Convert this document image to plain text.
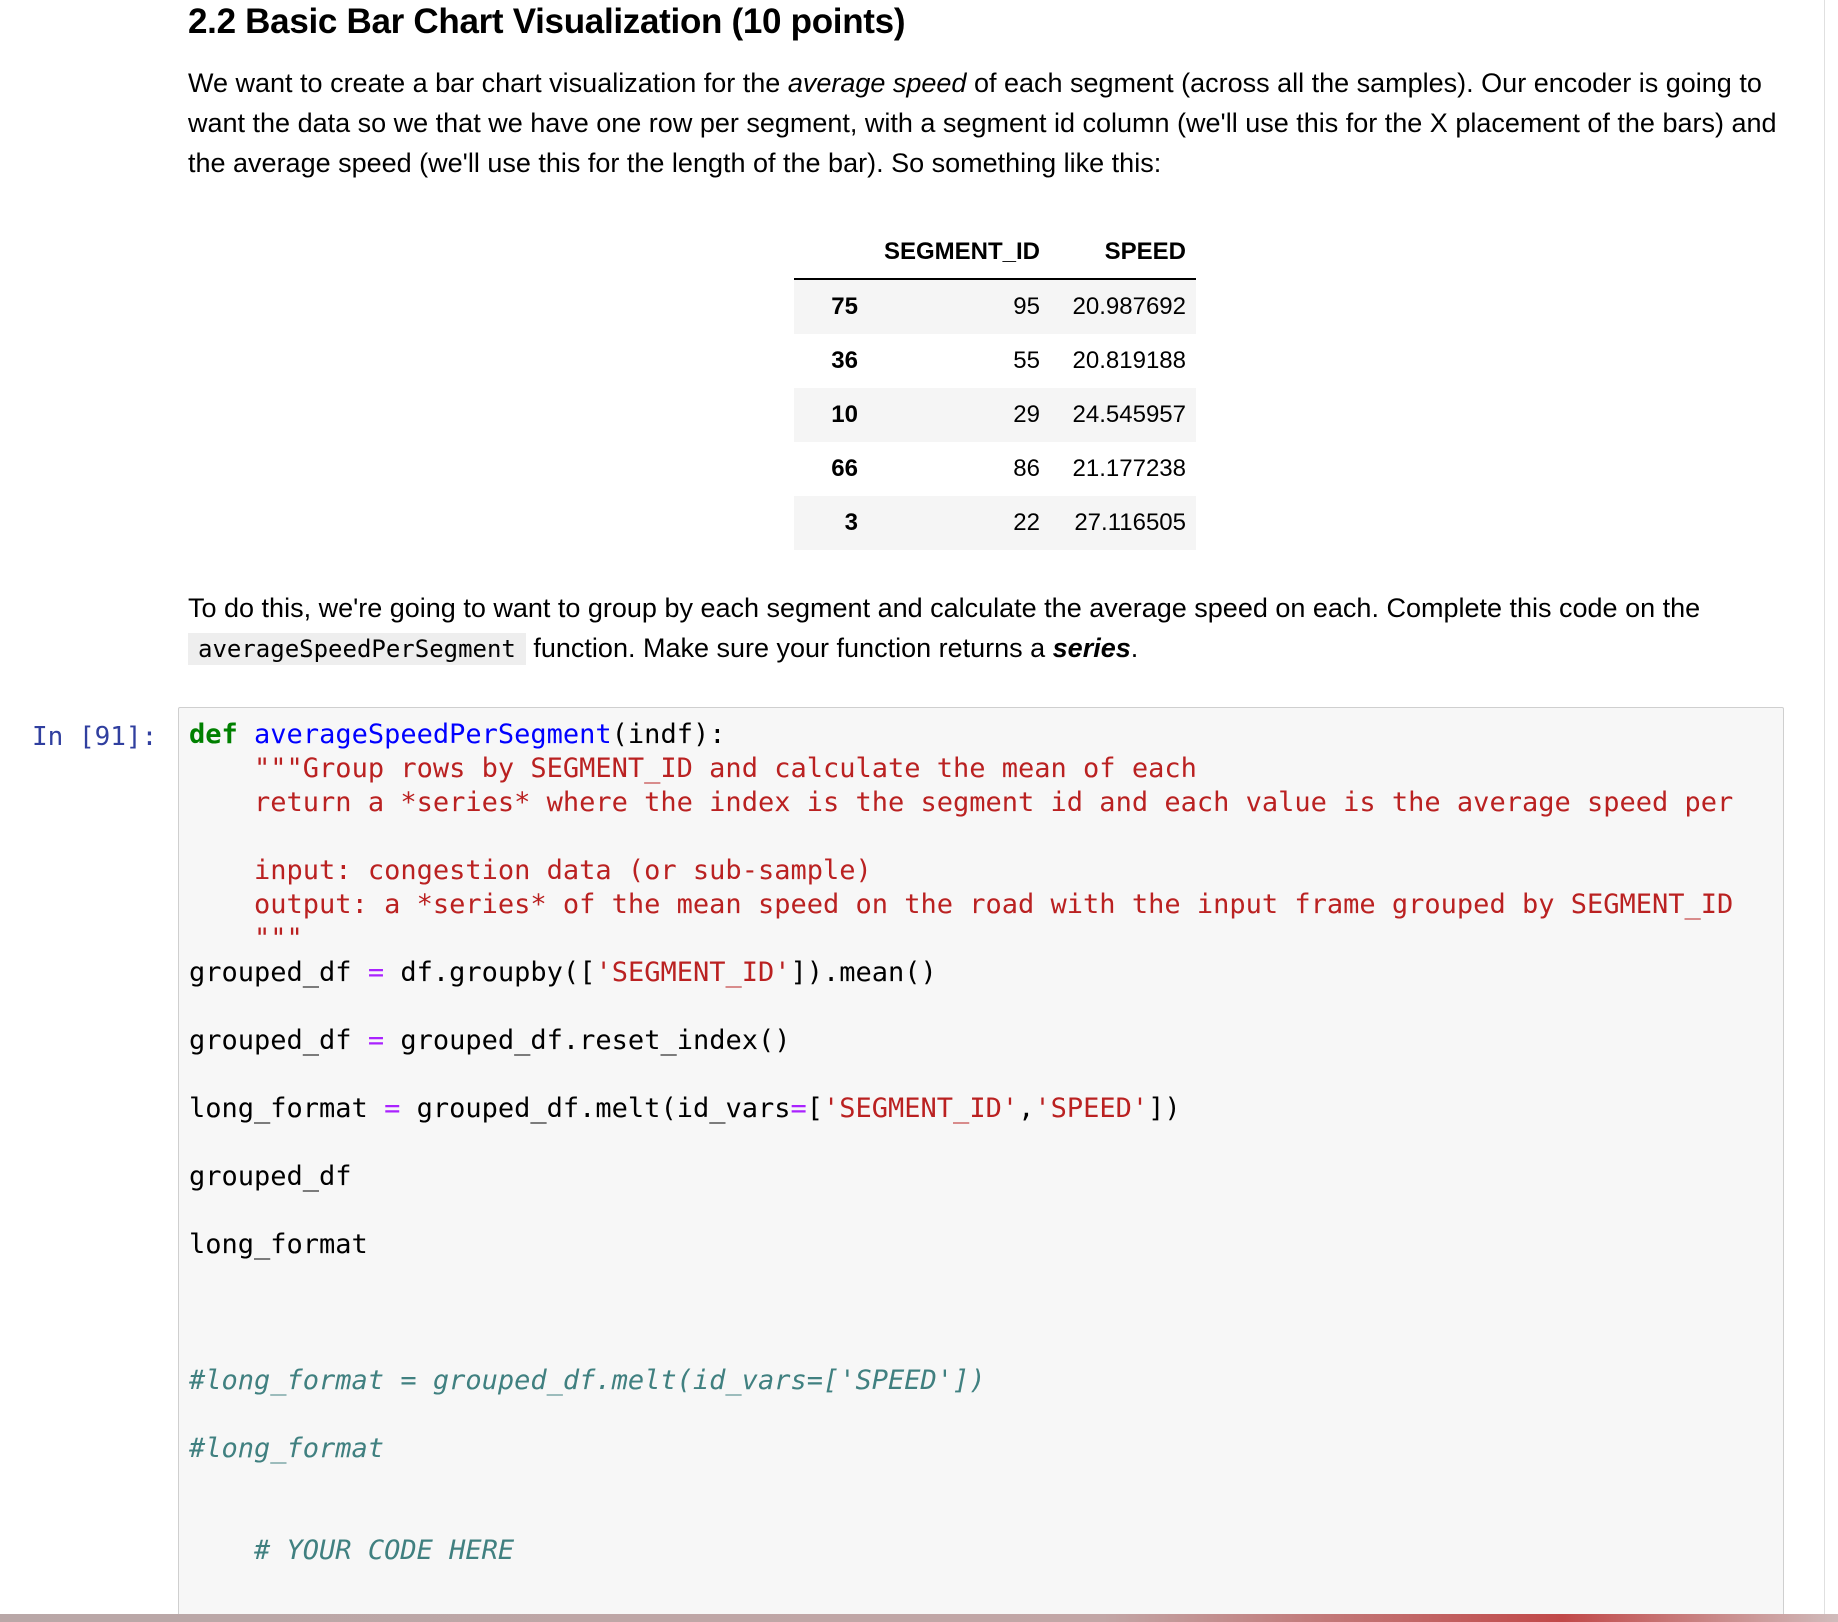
2.2 Basic Bar Chart Visualization (10 points)

We want to create a bar chart visualization for the average speed of each segment (across all the samples). Our encoder is going to want the data so we that we have one row per segment, with a segment id column (we'll use this for the X placement of the bars) and the average speed (we'll use this for the length of the bar). So something like this:

	SEGMENT_ID	SPEED
75	95	20.987692
36	55	20.819188
10	29	24.545957
66	86	21.177238
3	22	27.116505

To do this, we're going to want to group by each segment and calculate the average speed on each. Complete this code on the averageSpeedPerSegment function. Make sure your function returns a series.

In [91]: def averageSpeedPerSegment(indf):
"""Group rows by SEGMENT_ID and calculate the mean of each
return a *series* where the index is the segment id and each value is the average speed per

input: congestion data (or sub-sample)
output: a *series* of the mean speed on the road with the input frame grouped by SEGMENT_ID
"""
grouped_df = df.groupby(['SEGMENT_ID']).mean()

grouped_df = grouped_df.reset_index()

long_format = grouped_df.melt(id_vars=['SEGMENT_ID','SPEED'])

grouped_df

long_format

#long_format = grouped_df.melt(id_vars=['SPEED'])

#long_format

# YOUR CODE HERE
